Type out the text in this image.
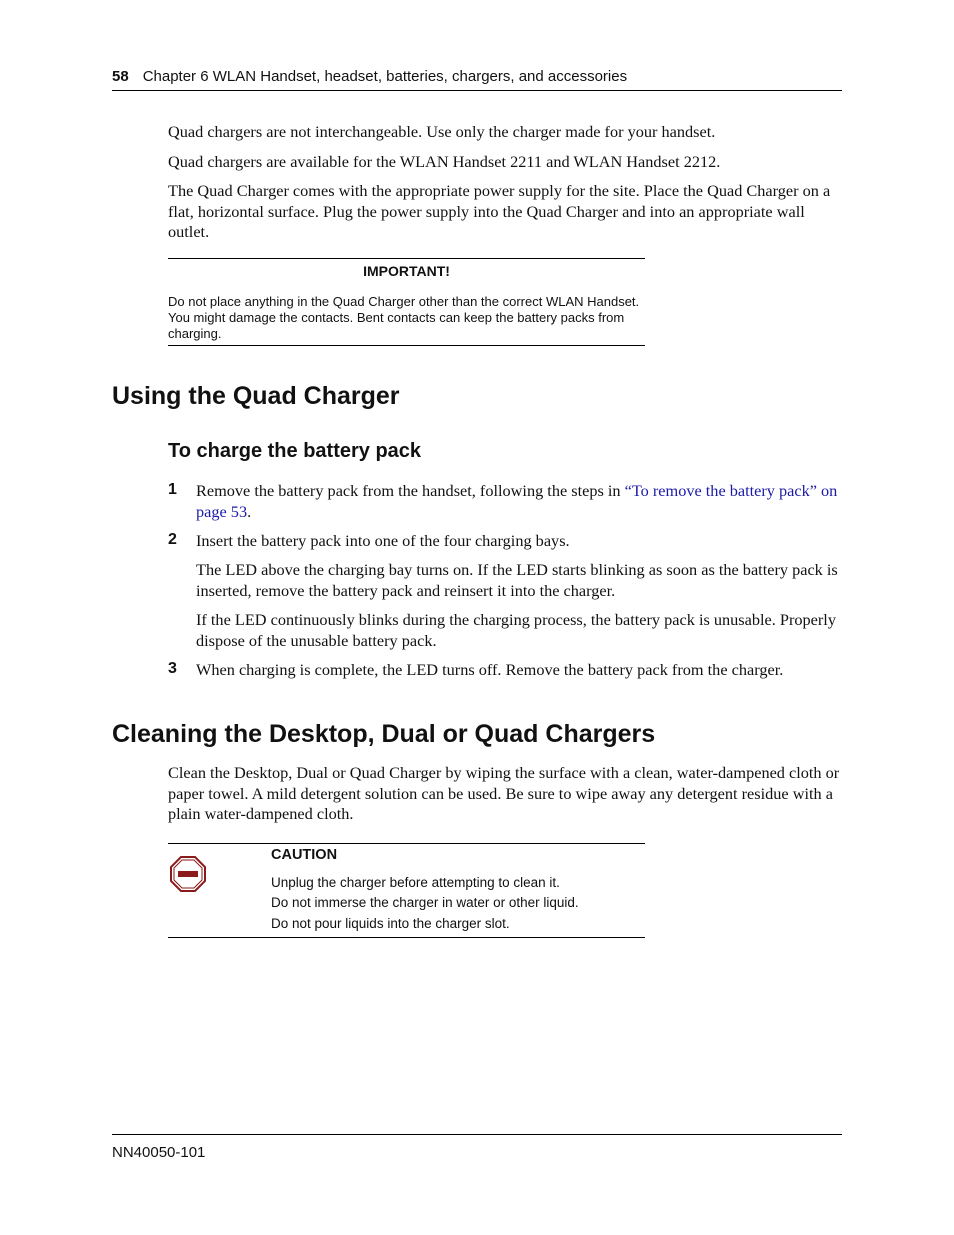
58 Chapter 6 WLAN Handset, headset, batteries, chargers, and accessories
Quad chargers are not interchangeable. Use only the charger made for your handset.
Quad chargers are available for the WLAN Handset 2211 and WLAN Handset 2212.
The Quad Charger comes with the appropriate power supply for the site. Place the Quad Charger on a flat, horizontal surface. Plug the power supply into the Quad Charger and into an appropriate wall outlet.
IMPORTANT!
Do not place anything in the Quad Charger other than the correct WLAN Handset. You might damage the contacts. Bent contacts can keep the battery packs from charging.
Using the Quad Charger
To charge the battery pack
1 Remove the battery pack from the handset, following the steps in “To remove the battery pack” on page 53.
2 Insert the battery pack into one of the four charging bays.
The LED above the charging bay turns on. If the LED starts blinking as soon as the battery pack is inserted, remove the battery pack and reinsert it into the charger.
If the LED continuously blinks during the charging process, the battery pack is unusable. Properly dispose of the unusable battery pack.
3 When charging is complete, the LED turns off. Remove the battery pack from the charger.
Cleaning the Desktop, Dual or Quad Chargers
Clean the Desktop, Dual or Quad Charger by wiping the surface with a clean, water-dampened cloth or paper towel. A mild detergent solution can be used. Be sure to wipe away any detergent residue with a plain water-dampened cloth.
CAUTION
Unplug the charger before attempting to clean it.
Do not immerse the charger in water or other liquid.
Do not pour liquids into the charger slot.
NN40050-101
